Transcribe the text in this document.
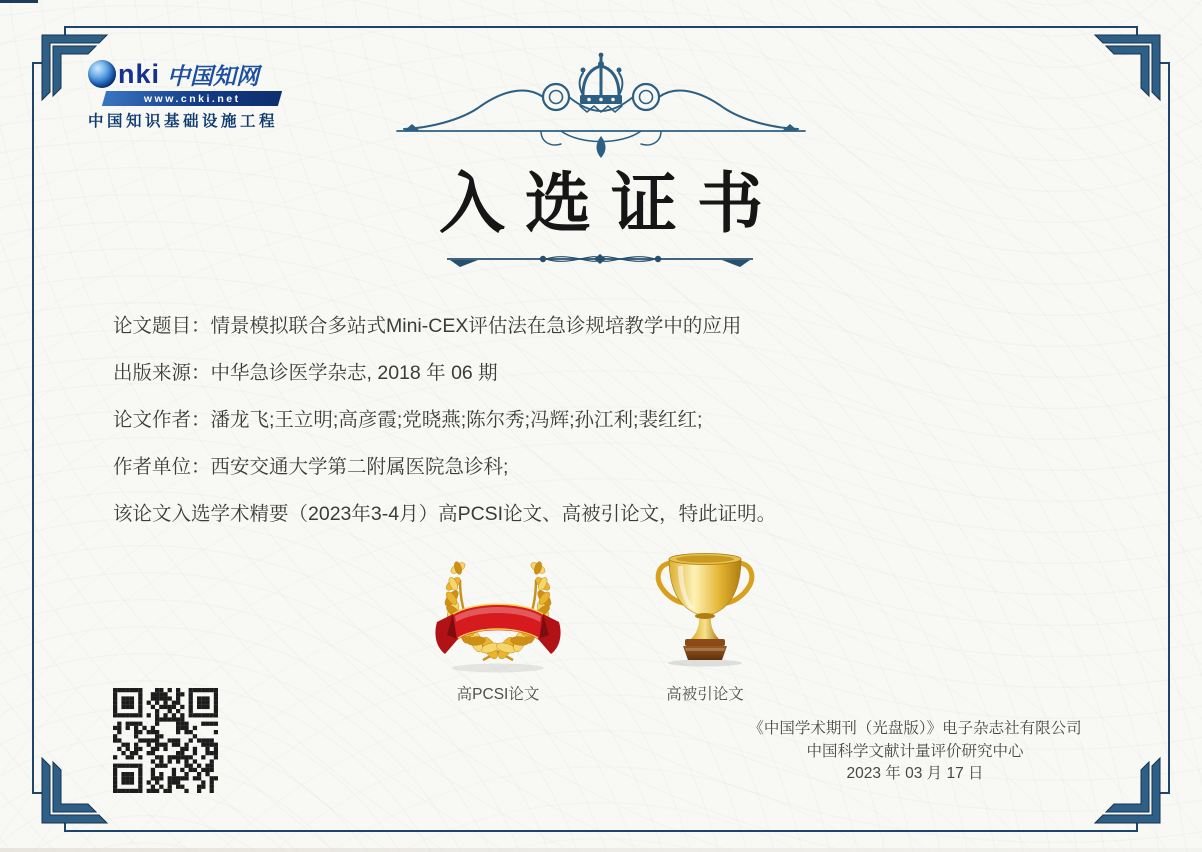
nki 中国知网
www.cnki.net
中国知识基础设施工程
入选证书
论文题目：情景模拟联合多站式Mini-CEX评估法在急诊规培教学中的应用
出版来源：中华急诊医学杂志, 2018 年 06 期
论文作者：潘龙飞;王立明;高彦霞;党晓燕;陈尔秀;冯辉;孙江利;裴红红;
作者单位：西安交通大学第二附属医院急诊科;
该论文入选学术精要（2023年3-4月）高PCSI论文、高被引论文，特此证明。
高PCSI论文	高被引论文
《中国学术期刊（光盘版）》电子杂志社有限公司
中国科学文献计量评价研究中心
2023 年 03 月 17 日
